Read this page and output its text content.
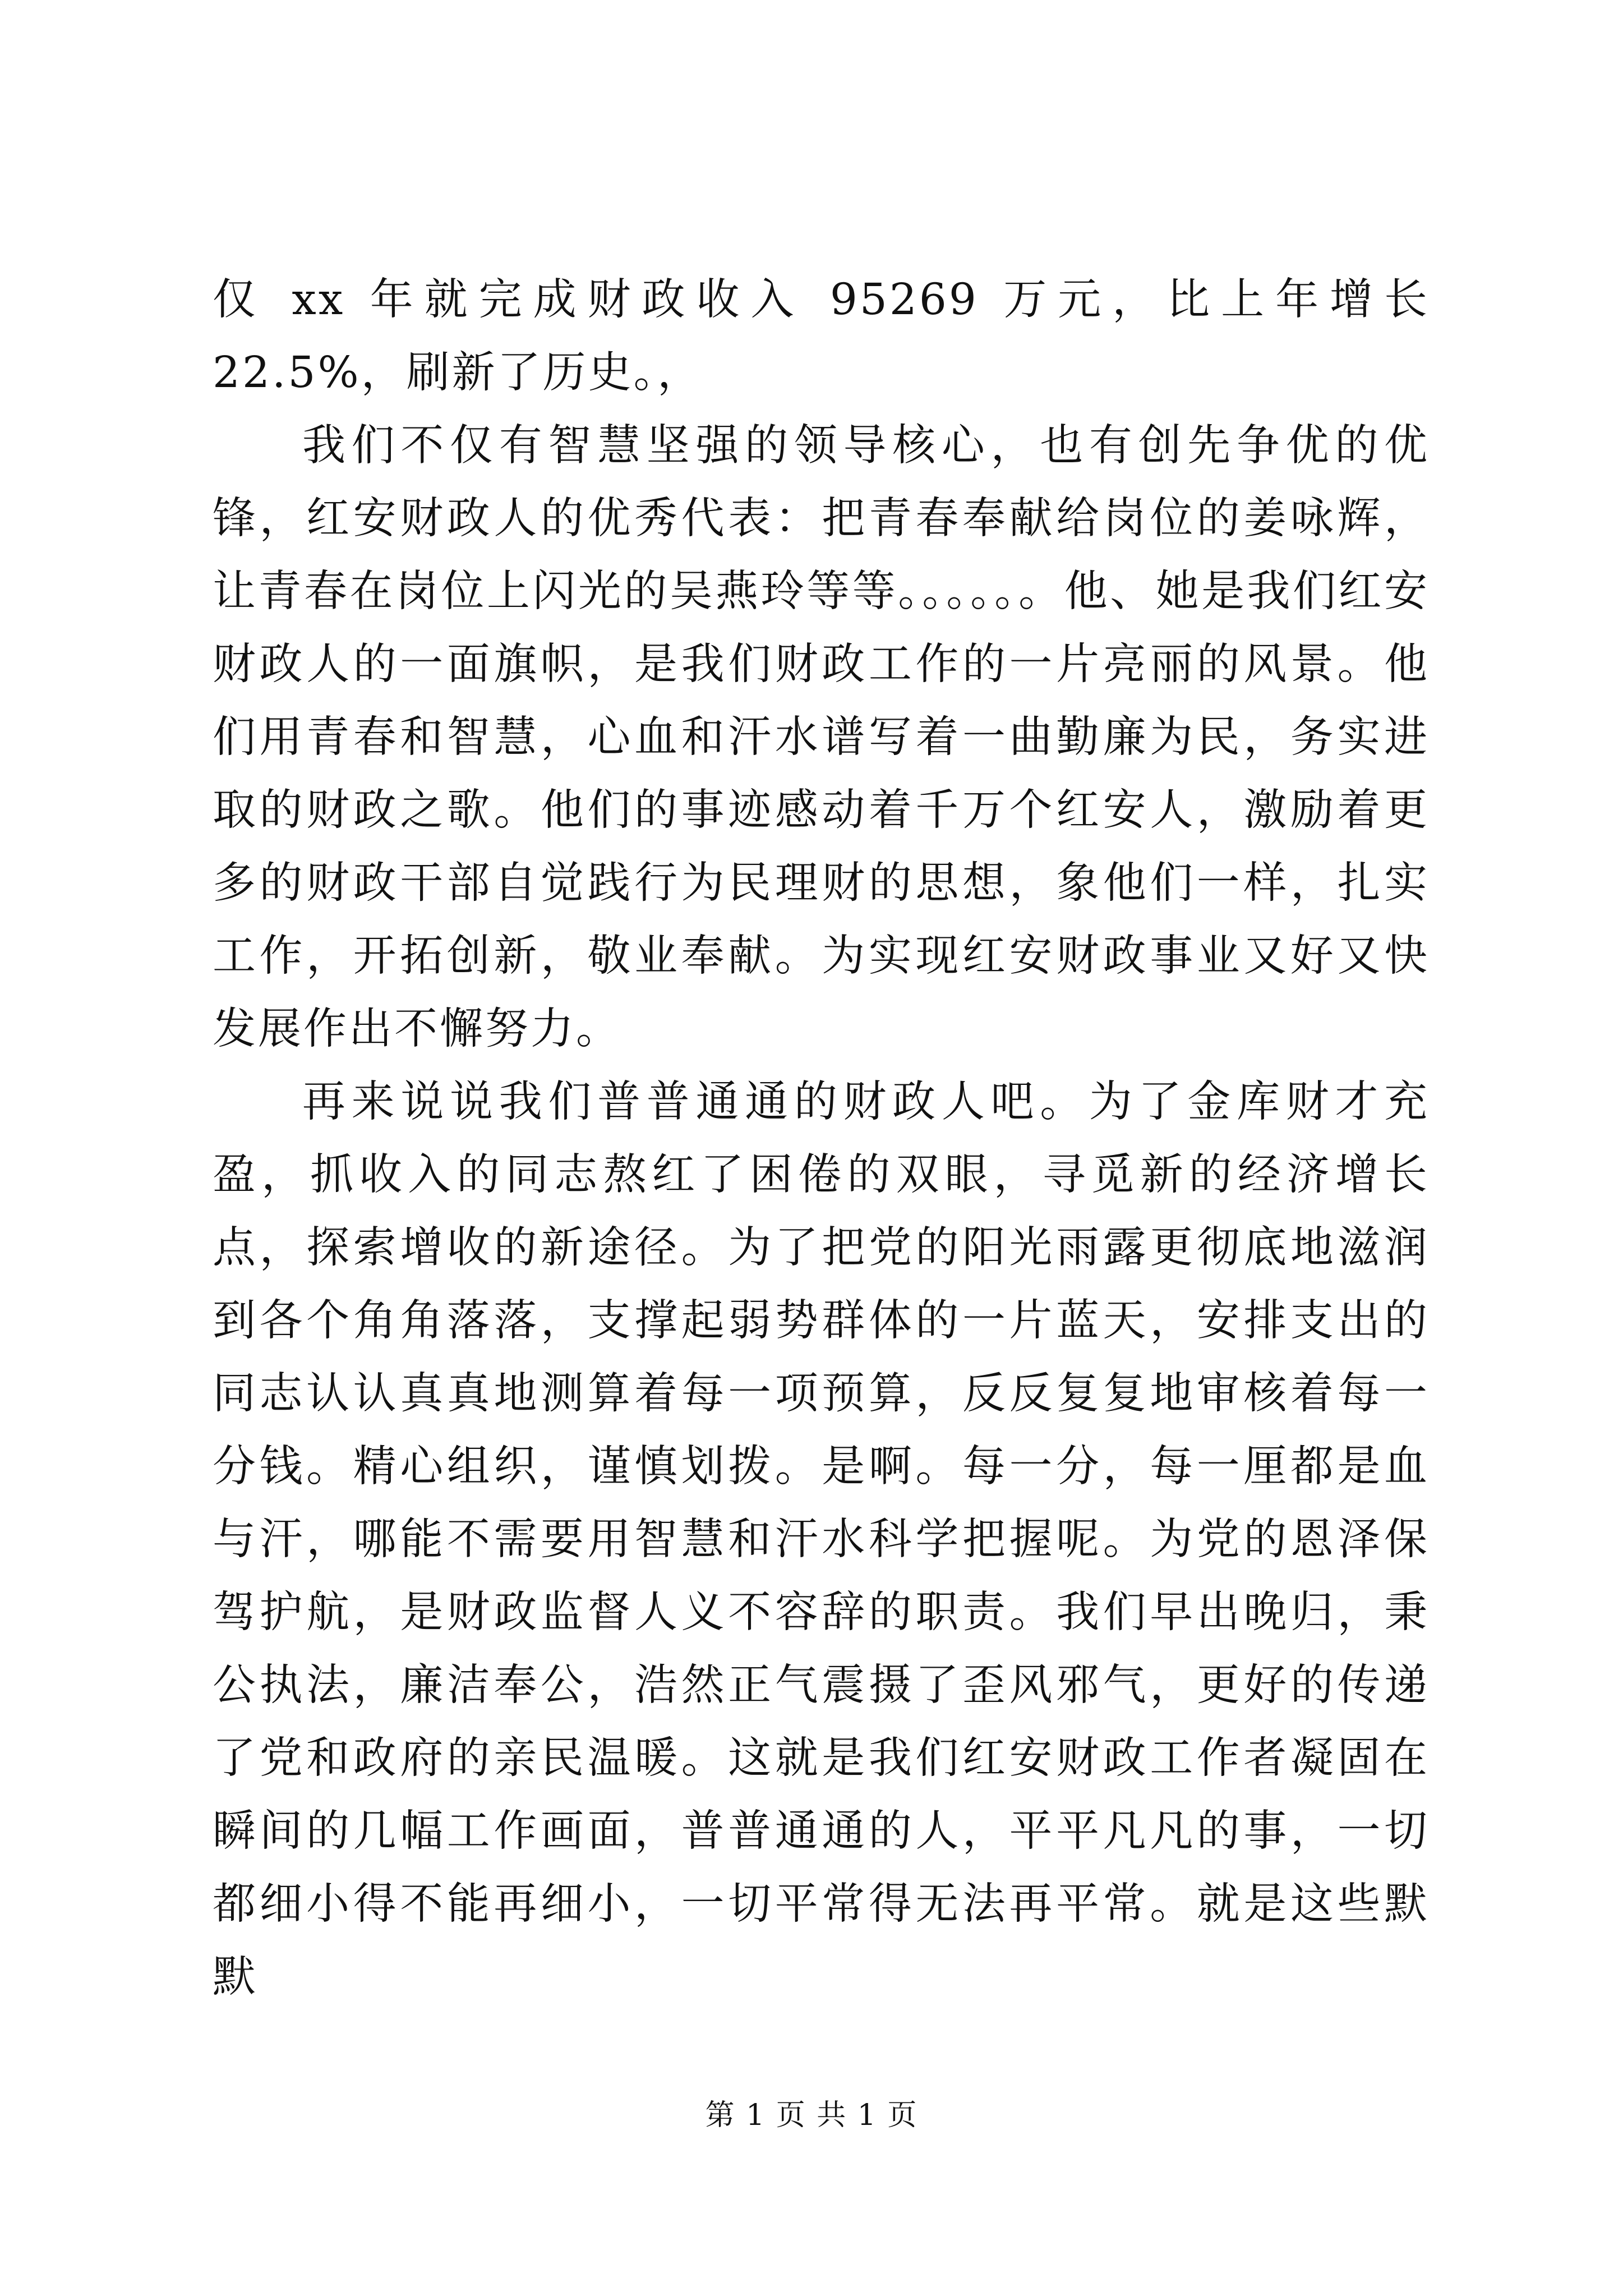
仅 xx 年就完成财政收入 95269 万元，比上年增长 22.5%，刷新了历史。，

我们不仅有智慧坚强的领导核心，也有创先争优的优锋，红安财政人的优秀代表：把青春奉献给岗位的姜咏辉，让青春在岗位上闪光的吴燕玲等等。。。。。。他、她是我们红安财政人的一面旗帜，是我们财政工作的一片亮丽的风景。他们用青春和智慧，心血和汗水谱写着一曲勤廉为民，务实进取的财政之歌。他们的事迹感动着千万个红安人，激励着更多的财政干部自觉践行为民理财的思想，象他们一样，扎实工作，开拓创新，敬业奉献。为实现红安财政事业又好又快发展作出不懈努力。

再来说说我们普普通通的财政人吧。为了金库财才充盈，抓收入的同志熬红了困倦的双眼，寻觅新的经济增长点，探索增收的新途径。为了把党的阳光雨露更彻底地滋润到各个角角落落，支撑起弱势群体的一片蓝天，安排支出的同志认认真真地测算着每一项预算，反反复复地审核着每一分钱。精心组织，谨慎划拨。是啊。每一分，每一厘都是血与汗，哪能不需要用智慧和汗水科学把握呢。为党的恩泽保驾护航，是财政监督人义不容辞的职责。我们早出晚归，秉公执法，廉洁奉公，浩然正气震摄了歪风邪气，更好的传递了党和政府的亲民温暖。这就是我们红安财政工作者凝固在瞬间的几幅工作画面，普普通通的人，平平凡凡的事，一切都细小得不能再细小，一切平常得无法再平常。就是这些默默

第 1 页 共 1 页
